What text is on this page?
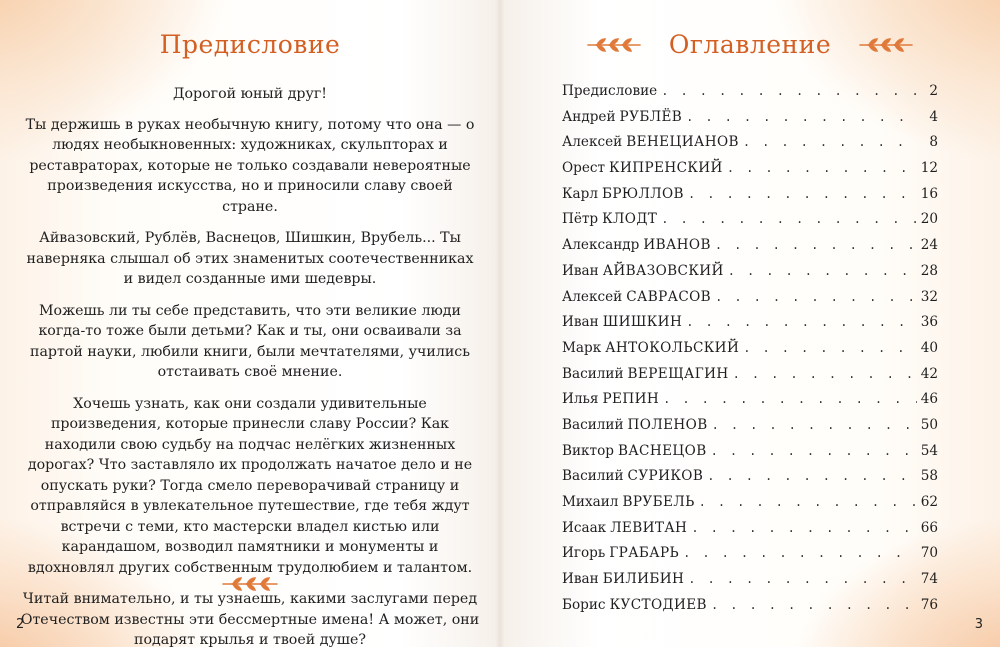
Предисловие

Дорогой юный друг!

Ты держишь в руках необычную книгу, потому что она — о людях необыкновенных: художниках, скульпторах и реставраторах, которые не только создавали невероятные произведения искусства, но и приносили славу своей стране.

Айвазовский, Рублёв, Васнецов, Шишкин, Врубель... Ты наверняка слышал об этих знаменитых соотечественниках и видел созданные ими шедевры.

Можешь ли ты себе представить, что эти великие люди когда-то тоже были детьми? Как и ты, они осваивали за партой науки, любили книги, были мечтателями, учились отстаивать своё мнение.

Хочешь узнать, как они создали удивительные произведения, которые принесли славу России? Как находили свою судьбу на подчас нелёгких жизненных дорогах? Что заставляло их продолжать начатое дело и не опускать руки? Тогда смело переворачивай страницу и отправляйся в увлекательное путешествие, где тебя ждут встречи с теми, кто мастерски владел кистью или карандашом, возводил памятники и монументы и вдохновлял других собственным трудолюбием и талантом.

Читай внимательно, и ты узнаешь, какими заслугами перед Отечеством известны эти бессмертные имена! А может, они подарят крылья и твоей душе?

2
Оглавление
Предисловие . . .	2
Андрей РУБЛЁВ . . .	4
Алексей ВЕНЕЦИАНОВ . . .	8
Орест КИПРЕНСКИЙ . . .	12
Карл БРЮЛЛОВ . . .	16
Пётр КЛОДТ . . .	20
Александр ИВАНОВ . . .	24
Иван АЙВАЗОВСКИЙ . . .	28
Алексей САВРАСОВ . . .	32
Иван ШИШКИН . . .	36
Марк АНТОКОЛЬСКИЙ . . .	40
Василий ВЕРЕЩАГИН . . .	42
Илья РЕПИН . . .	46
Василий ПОЛЕНОВ . . .	50
Виктор ВАСНЕЦОВ . . .	54
Василий СУРИКОВ . . .	58
Михаил ВРУБЕЛЬ . . .	62
Исаак ЛЕВИТАН . . .	66
Игорь ГРАБАРЬ . . .	70
Иван БИЛИБИН . . .	74
Борис КУСТОДИЕВ . . .	76
3
